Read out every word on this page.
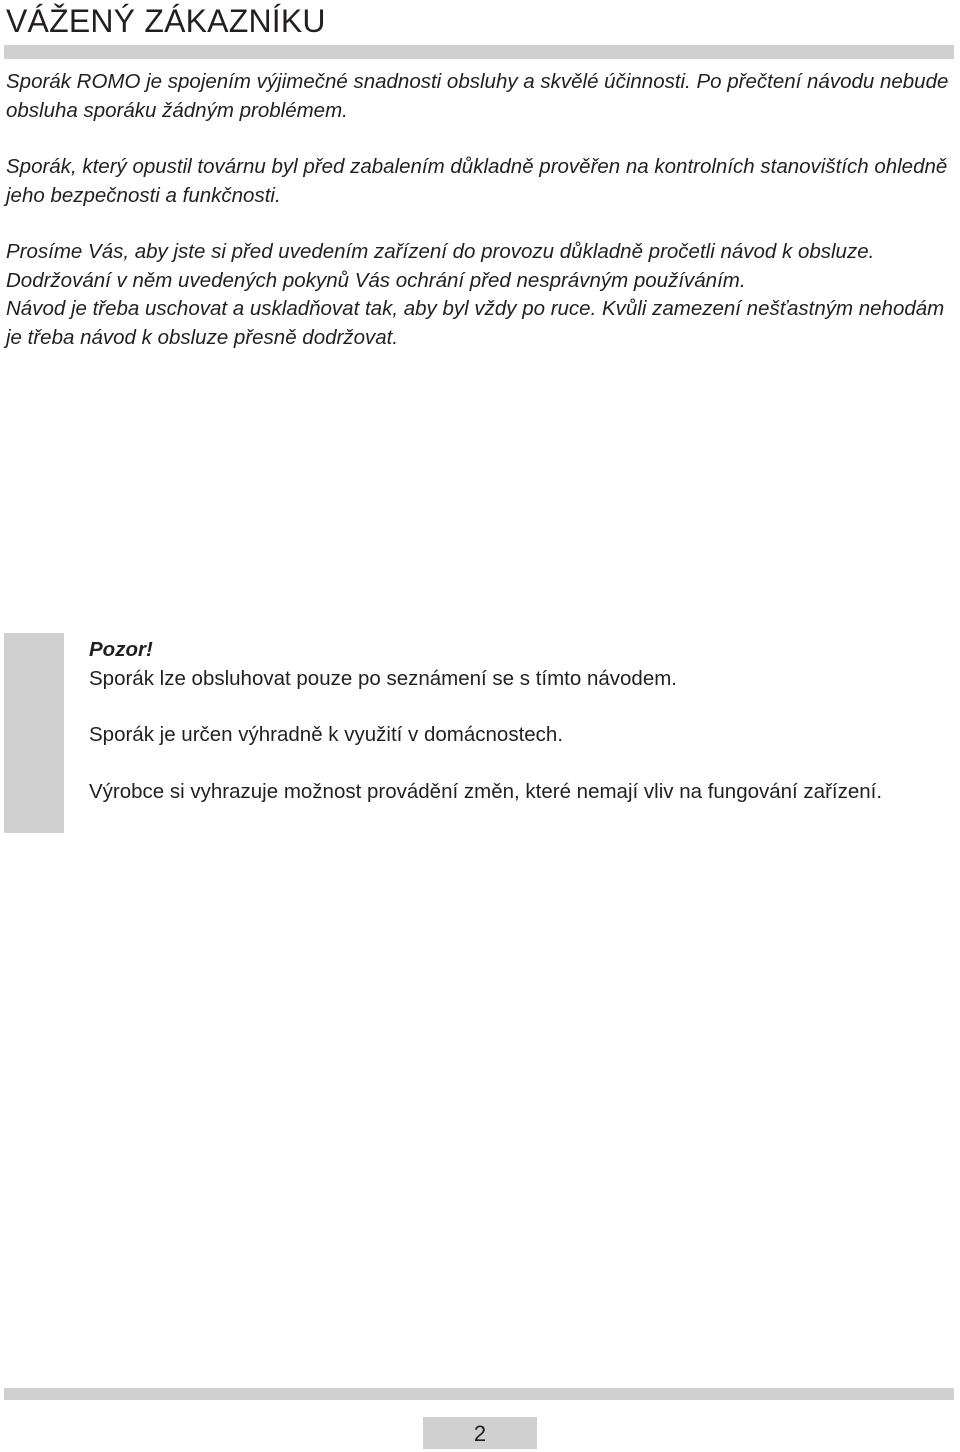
VÁŽENÝ ZÁKAZNÍKU

Sporák ROMO je spojením výjimečné snadnosti obsluhy a skvělé účinnosti. Po přečtení návodu nebude obsluha sporáku žádným problémem.

Sporák, který opustil továrnu byl před zabalením důkladně prověřen na kontrolních stanovištích ohledně jeho bezpečnosti a funkčnosti.

Prosíme Vás, aby jste si před uvedením zařízení do provozu důkladně pročetli návod k obsluze. Dodržování v něm uvedených pokynů Vás ochrání před nesprávným používáním.

Návod je třeba uschovat a uskladňovat tak, aby byl vždy po ruce. Kvůli zamezení nešťastným nehodám je třeba návod k obsluze přesně dodržovat.

Pozor!

Sporák lze obsluhovat pouze po seznámení se s tímto návodem.

Sporák je určen výhradně k využití v domácnostech.

Výrobce si vyhrazuje možnost provádění změn, které nemají vliv na fungování zařízení.

2
